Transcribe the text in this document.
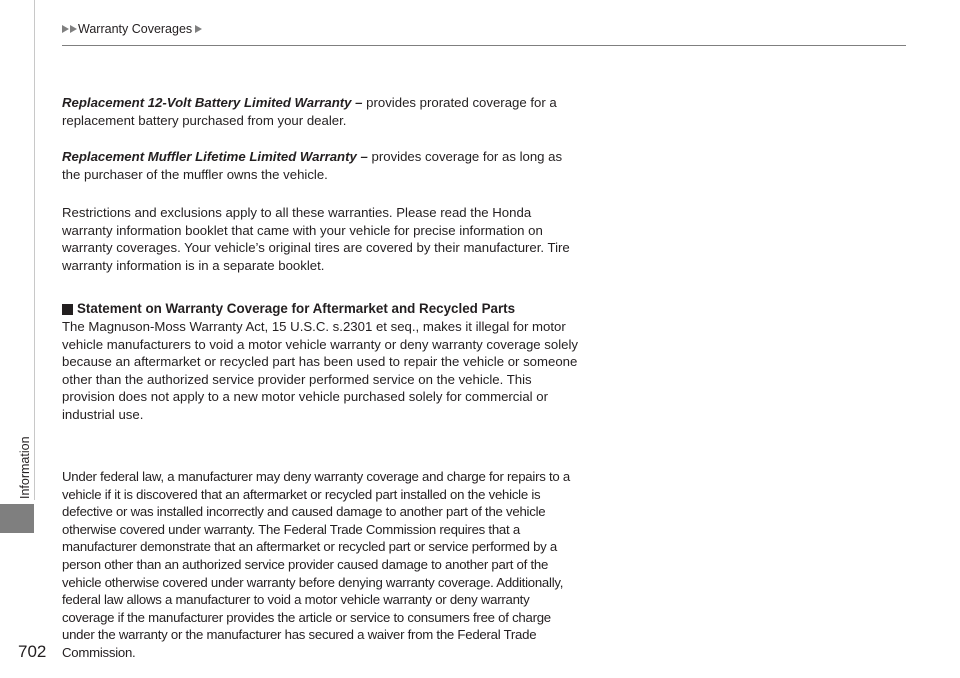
Warranty Coverages
Information
702

Replacement 12-Volt Battery Limited Warranty – provides prorated coverage for a replacement battery purchased from your dealer.

Replacement Muffler Lifetime Limited Warranty – provides coverage for as long as the purchaser of the muffler owns the vehicle.

Restrictions and exclusions apply to all these warranties. Please read the Honda warranty information booklet that came with your vehicle for precise information on warranty coverages. Your vehicle’s original tires are covered by their manufacturer. Tire warranty information is in a separate booklet.

Statement on Warranty Coverage for Aftermarket and Recycled Parts

The Magnuson-Moss Warranty Act, 15 U.S.C. s.2301 et seq., makes it illegal for motor vehicle manufacturers to void a motor vehicle warranty or deny warranty coverage solely because an aftermarket or recycled part has been used to repair the vehicle or someone other than the authorized service provider performed service on the vehicle. This provision does not apply to a new motor vehicle purchased solely for commercial or industrial use.

Under federal law, a manufacturer may deny warranty coverage and charge for repairs to a vehicle if it is discovered that an aftermarket or recycled part installed on the vehicle is defective or was installed incorrectly and caused damage to another part of the vehicle otherwise covered under warranty. The Federal Trade Commission requires that a manufacturer demonstrate that an aftermarket or recycled part or service performed by a person other than an authorized service provider caused damage to another part of the vehicle otherwise covered under warranty before denying warranty coverage. Additionally, federal law allows a manufacturer to void a motor vehicle warranty or deny warranty coverage if the manufacturer provides the article or service to consumers free of charge under the warranty or the manufacturer has secured a waiver from the Federal Trade Commission.
